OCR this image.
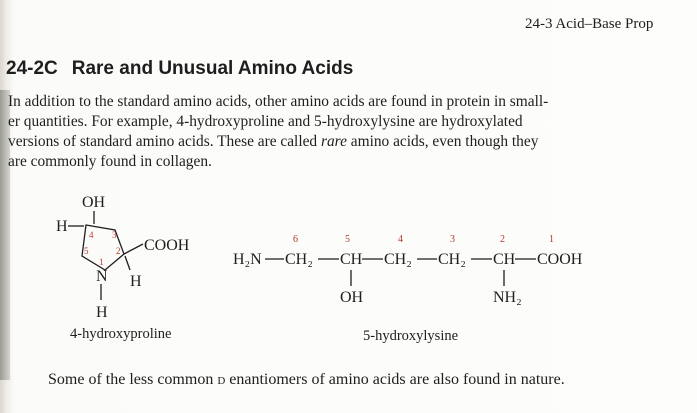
24-3 Acid–Base Prop
24-2C Rare and Unusual Amino Acids
In addition to the standard amino acids, other amino acids are found in protein in small-
er quantities. For example, 4-hydroxyproline and 5-hydroxylysine are hydroxylated
versions of standard amino acids. These are called rare amino acids, even though they
are commonly found in collagen.
OH
H
COOH
H
N
H
4 3
5	2
1
4-hydroxyproline
6	5	4	3	2	1
H₂N CH₂ CH CH₂ CH₂ CH COOH
OH	NH₂
5-hydroxylysine
Some of the less common d enantiomers of amino acids are also found in nature.
